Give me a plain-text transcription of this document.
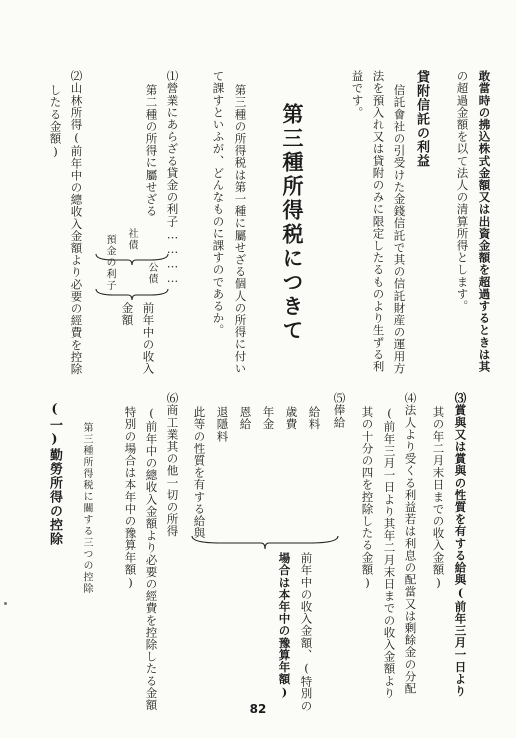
敢當時の拂込株式金額又は出資金額を超過するときは其
の超過金額を以て法人の清算所得とします。
貸附信託の利益
信託會社の引受けた金錢信託で其の信託財産の運用方
法を預入れ又は貸附のみに限定したるものより生ずる利
益です。
第三種所得税につきて
第三種の所得税は第一種に屬せざる個人の所得に付い
て課すといふが、どんなものに課すのであるか。
⑴營業にあらざる貸金の利子…………
第二種の所得に屬せざる
公債
社債
預金の利子
前年中の收入
金額
⑵山林所得(前年中の總收入金額より必要の經費を控除
したる金額)
⑶賞與又は賞與の性質を有する給與(前年三月一日より
其の年二月末日までの收入金額)
⑷法人より受くる利益若は利息の配當又は剰餘金の分配
(前年三月一日より其年二月末日までの收入金額より
其の十分の四を控除したる金額)
⑸俸給
給料
歳費
年金
恩給
退隱料
此等の性質を有する給與
前年中の收入金額、(特別の
場合は本年中の豫算年額)
⑹商工業其の他一切の所得
(前年中の總收入金額より必要の經費を控除したる金額
特別の場合は本年中の豫算年額)
第三種所得税に關する三つの控除
(一)勤勞所得の控除
82
